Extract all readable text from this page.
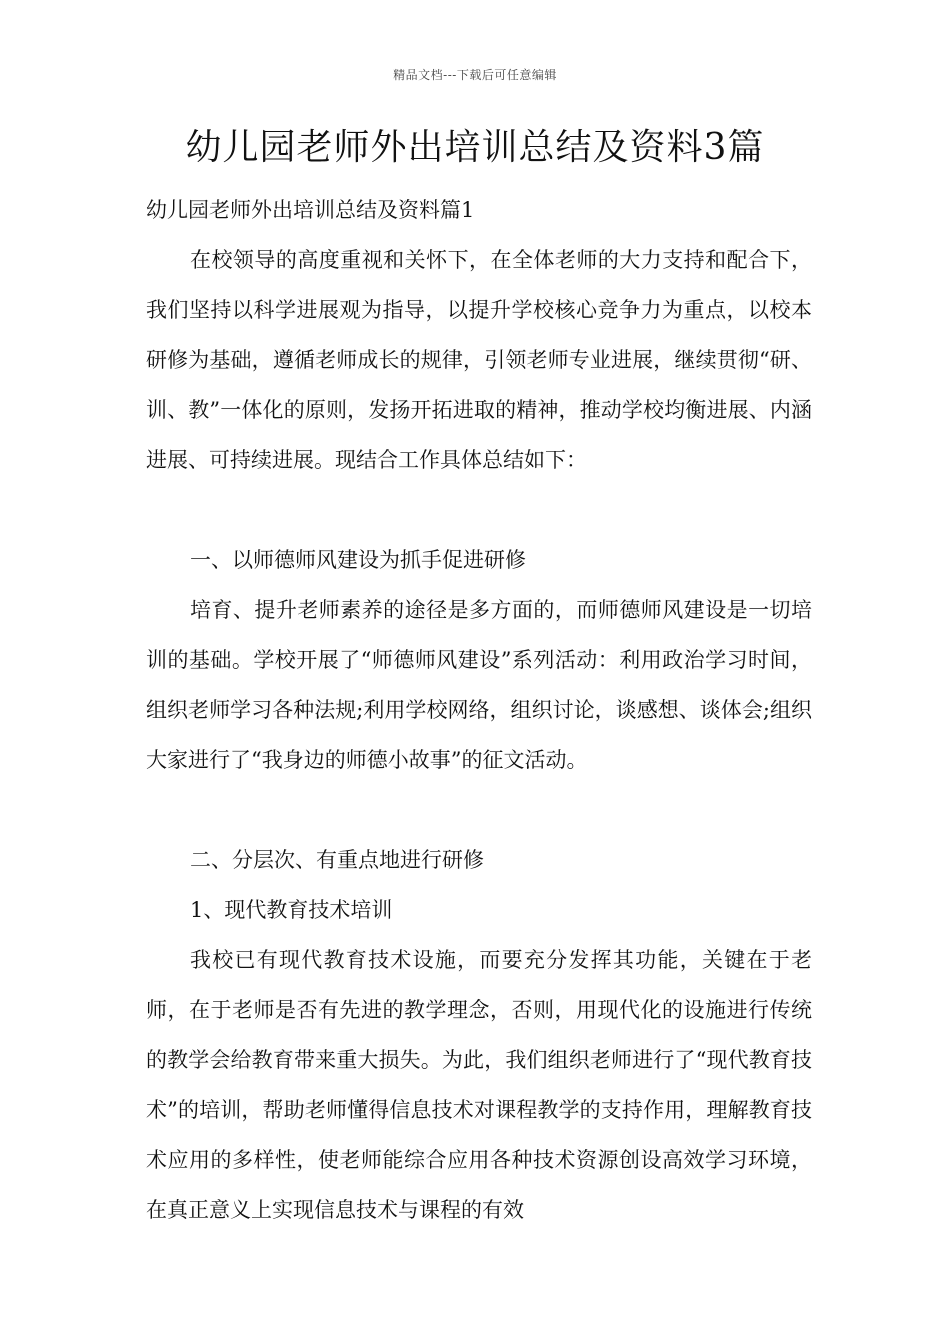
精品文档---下载后可任意编辑
幼儿园老师外出培训总结及资料3篇

幼儿园老师外出培训总结及资料篇1

在校领导的高度重视和关怀下，在全体老师的大力支持和配合下，我们坚持以科学进展观为指导，以提升学校核心竞争力为重点，以校本研修为基础，遵循老师成长的规律，引领老师专业进展，继续贯彻“研、训、教”一体化的原则，发扬开拓进取的精神，推动学校均衡进展、内涵进展、可持续进展。现结合工作具体总结如下：

一、以师德师风建设为抓手促进研修

培育、提升老师素养的途径是多方面的，而师德师风建设是一切培训的基础。学校开展了“师德师风建设”系列活动：利用政治学习时间，组织老师学习各种法规;利用学校网络，组织讨论，谈感想、谈体会;组织大家进行了“我身边的师德小故事”的征文活动。

二、分层次、有重点地进行研修

1、现代教育技术培训

我校已有现代教育技术设施，而要充分发挥其功能，关键在于老师，在于老师是否有先进的教学理念，否则，用现代化的设施进行传统的教学会给教育带来重大损失。为此，我们组织老师进行了“现代教育技术”的培训，帮助老师懂得信息技术对课程教学的支持作用，理解教育技术应用的多样性，使老师能综合应用各种技术资源创设高效学习环境，在真正意义上实现信息技术与课程的有效
